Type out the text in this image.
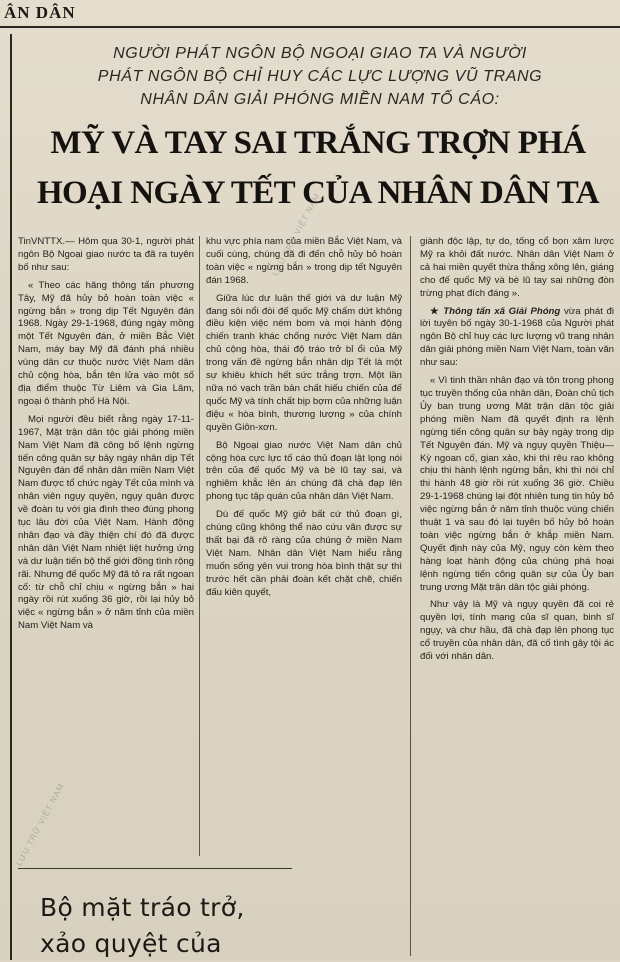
ÂN DÂN
NGƯỜI PHÁT NGÔN BỘ NGOẠI GIAO TA VÀ NGƯỜI
PHÁT NGÔN BỘ CHỈ HUY CÁC LỰC LƯỢNG VŨ TRANG
NHÂN DÂN GIẢI PHÓNG MIỀN NAM TỐ CÁO:
MỸ VÀ TAY SAI TRẮNG TRỢN PHÁ
HOẠI NGÀY TẾT CỦA NHÂN DÂN TA

TinVNTTX.— Hôm qua 30-1, người phát ngôn Bộ Ngoại giao nước ta đã ra tuyên bố như sau:

« Theo các hãng thông tấn phương Tây, Mỹ đã hủy bỏ hoàn toàn việc « ngừng bắn » trong dịp Tết Nguyên đán 1968. Ngày 29-1-1968, đúng ngày mồng một Tết Nguyên đán, ở miền Bắc Việt Nam, máy bay Mỹ đã đánh phá nhiều vùng dân cư thuộc nước Việt Nam dân chủ cộng hòa, bắn tên lửa vào một số địa điểm thuộc Từ Liêm và Gia Lâm, ngoại ô thành phố Hà Nội.

Mọi người đều biết rằng ngày 17-11-1967, Mặt trận dân tộc giải phóng miền Nam Việt Nam đã công bố lệnh ngừng tiến công quân sự bảy ngày nhân dịp Tết Nguyên đán để nhân dân miền Nam Việt Nam được tổ chức ngày Tết của mình và nhân viên ngụy quyền, ngụy quân được về đoàn tụ với gia đình theo đúng phong tục lâu đời của Việt Nam. Hành động nhân đạo và đầy thiện chí đó đã được nhân dân Việt Nam nhiệt liệt hưởng ứng và dư luận tiến bộ thế giới đồng tình rộng rãi. Nhưng đế quốc Mỹ đã tỏ ra rất ngoan cố: từ chỗ chỉ chịu « ngừng bắn » hai ngày rồi rút xuống 36 giờ, rồi lại hủy bỏ việc « ngừng bắn » ở năm tỉnh của miền Nam Việt Nam và

khu vực phía nam của miền Bắc Việt Nam, và cuối cùng, chúng đã đi đến chỗ hủy bỏ hoàn toàn việc « ngừng bắn » trong dịp tết Nguyên đán 1968.

Giữa lúc dư luận thế giới và dư luận Mỹ đang sôi nổi đòi đế quốc Mỹ chấm dứt không điều kiện việc ném bom và mọi hành động chiến tranh khác chống nước Việt Nam dân chủ cộng hòa, thái độ tráo trở bỉ ổi của Mỹ trong vấn đề ngừng bắn nhân dịp Tết là một sự khiêu khích hết sức trắng trợn. Một lần nữa nó vạch trần bản chất hiếu chiến của đế quốc Mỹ và tính chất bịp bợm của những luận điệu « hòa bình, thương lượng » của chính quyền Giôn-xơn.

Bộ Ngoại giao nước Việt Nam dân chủ cộng hòa cực lực tố cáo thủ đoạn lật lọng nói trên của đế quốc Mỹ và bè lũ tay sai, và nghiêm khắc lên án chúng đã chà đạp lên phong tục tập quán của nhân dân Việt Nam.

Dù đế quốc Mỹ giở bất cứ thủ đoạn gì, chúng cũng không thể nào cứu vãn được sự thất bại đã rõ ràng của chúng ở miền Nam Việt Nam. Nhân dân Việt Nam hiểu rằng muốn sống yên vui trong hòa bình thật sự thì trước hết cần phải đoàn kết chặt chẽ, chiến đấu kiên quyết,

giành độc lập, tự do, tống cổ bọn xâm lược Mỹ ra khỏi đất nước. Nhân dân Việt Nam ở cả hai miền quyết thừa thắng xông lên, giáng cho đế quốc Mỹ và bè lũ tay sai những đòn trừng phạt đích đáng ».

★ Thông tấn xã Giải Phóng vừa phát đi lời tuyên bố ngày 30-1-1968 của Người phát ngôn Bộ chỉ huy các lực lượng vũ trang nhân dân giải phóng miền Nam Việt Nam, toàn văn như sau:

« Vì tinh thần nhân đạo và tôn trọng phong tục truyền thống của nhân dân, Đoàn chủ tịch Ủy ban trung ương Mặt trận dân tộc giải phóng miền Nam đã quyết định ra lệnh ngừng tiến công quân sự bảy ngày trong dịp Tết Nguyên đán. Mỹ và ngụy quyền Thiệu—Kỳ ngoan cố, gian xảo, khi thì rêu rao không chịu thi hành lệnh ngừng bắn, khi thì nói chỉ thi hành 48 giờ rồi rút xuống 36 giờ. Chiều 29-1-1968 chúng lại đột nhiên tung tin hủy bỏ việc ngừng bắn ở năm tỉnh thuộc vùng chiến thuật 1 và sau đó lại tuyên bố hủy bỏ hoàn toàn việc ngừng bắn ở khắp miền Nam. Quyết định này của Mỹ, ngụy còn kèm theo hàng loạt hành động của chúng phá hoại lệnh ngừng tiến công quân sự của Ủy ban trung ương Mặt trận dân tộc giải phóng.

Như vậy là Mỹ và ngụy quyền đã coi rẻ quyền lợi, tính mạng của sĩ quan, binh sĩ ngụy, và chư hầu, đã chà đạp lên phong tục cổ truyền của nhân dân, đã cố tình gây tội ác đối với nhân dân.

Bộ mặt tráo trở,
xảo quyệt của
LƯU TRỮ VIỆT NAM
LƯU TRỮ VIỆT NAM
